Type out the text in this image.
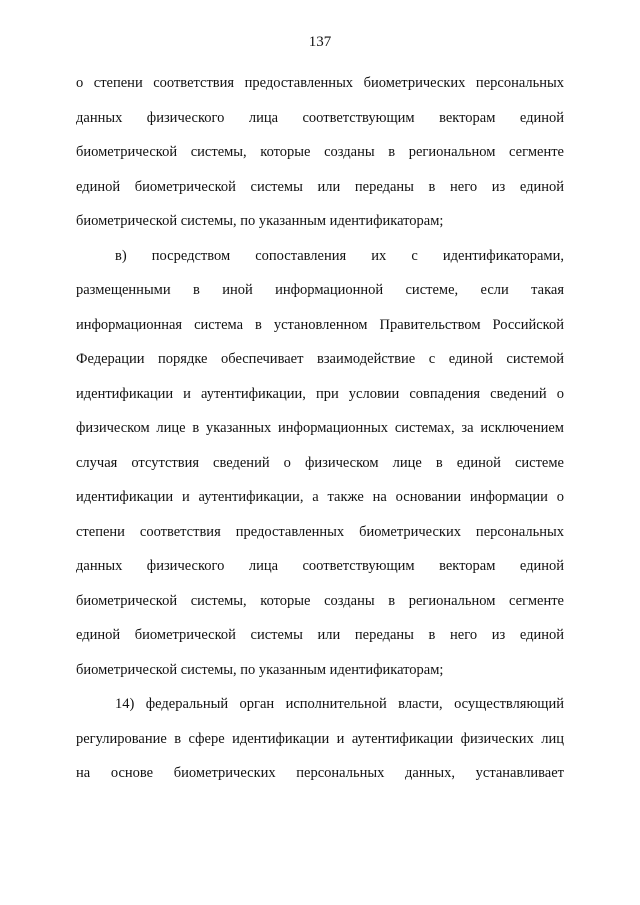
137
о степени соответствия предоставленных биометрических персональных
данных физического лица соответствующим векторам единой
биометрической системы, которые созданы в региональном сегменте
единой биометрической системы или переданы в него из единой
биометрической системы, по указанным идентификаторам;
в) посредством сопоставления их с идентификаторами,
размещенными в иной информационной системе, если такая
информационная система в установленном Правительством Российской
Федерации порядке обеспечивает взаимодействие с единой системой
идентификации и аутентификации, при условии совпадения сведений о
физическом лице в указанных информационных системах, за исключением
случая отсутствия сведений о физическом лице в единой системе
идентификации и аутентификации, а также на основании информации о
степени соответствия предоставленных биометрических персональных
данных физического лица соответствующим векторам единой
биометрической системы, которые созданы в региональном сегменте
единой биометрической системы или переданы в него из единой
биометрической системы, по указанным идентификаторам;
14) федеральный орган исполнительной власти, осуществляющий
регулирование в сфере идентификации и аутентификации физических лиц
на основе биометрических персональных данных, устанавливает
